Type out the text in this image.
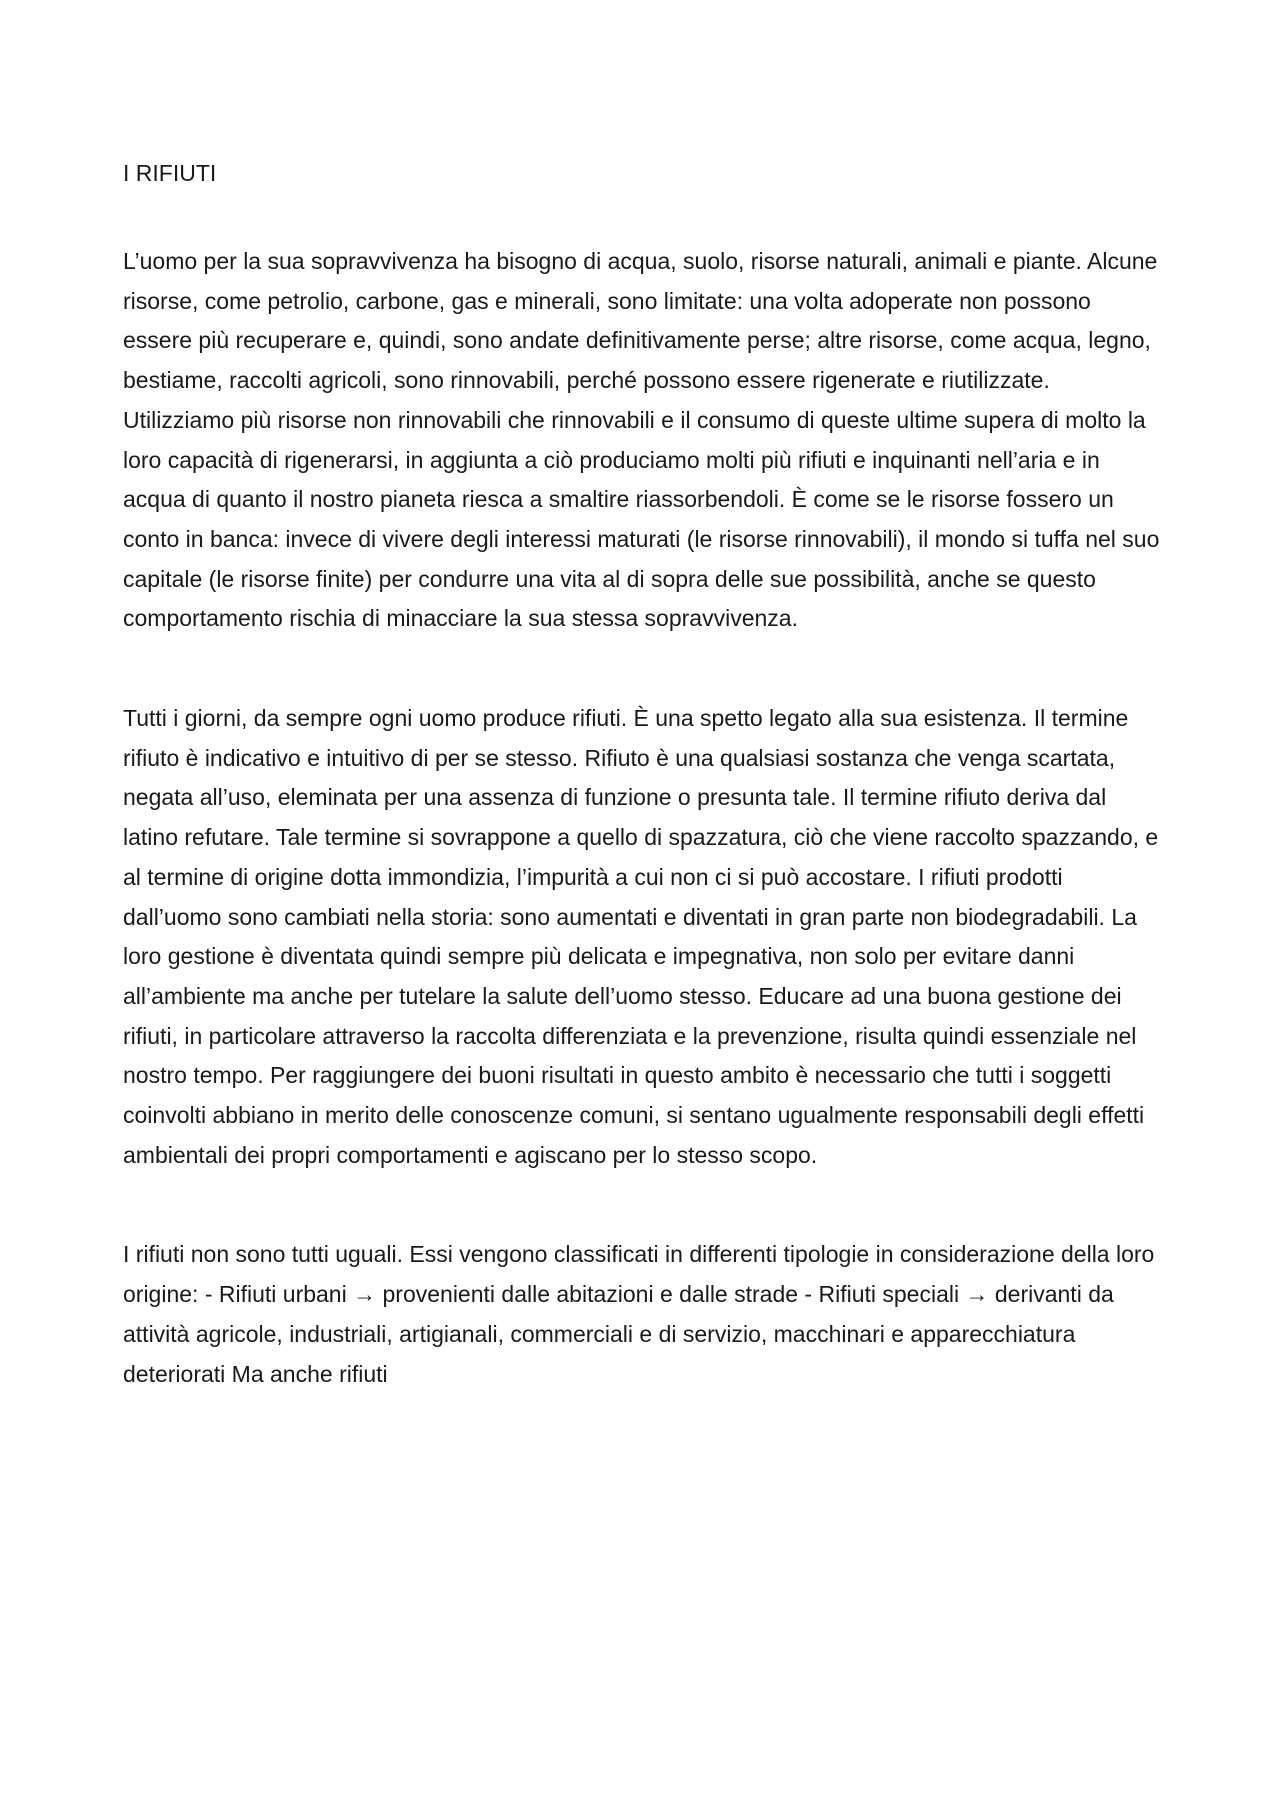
I RIFIUTI

L’uomo per la sua sopravvivenza ha bisogno di acqua, suolo, risorse naturali, animali e piante. Alcune risorse, come petrolio, carbone, gas e minerali, sono limitate: una volta adoperate non possono essere più recuperare e, quindi, sono andate definitivamente perse; altre risorse, come acqua, legno, bestiame, raccolti agricoli, sono rinnovabili, perché possono essere rigenerate e riutilizzate. Utilizziamo più risorse non rinnovabili che rinnovabili e il consumo di queste ultime supera di molto la loro capacità di rigenerarsi, in aggiunta a ciò produciamo molti più rifiuti e inquinanti nell’aria e in acqua di quanto il nostro pianeta riesca a smaltire riassorbendoli. È come se le risorse fossero un conto in banca: invece di vivere degli interessi maturati (le risorse rinnovabili), il mondo si tuffa nel suo capitale (le risorse finite) per condurre una vita al di sopra delle sue possibilità, anche se questo comportamento rischia di minacciare la sua stessa sopravvivenza.

Tutti i giorni, da sempre ogni uomo produce rifiuti. È una spetto legato alla sua esistenza. Il termine rifiuto è indicativo e intuitivo di per se stesso. Rifiuto è una qualsiasi sostanza che venga scartata, negata all’uso, eleminata per una assenza di funzione o presunta tale. Il termine rifiuto deriva dal latino refutare. Tale termine si sovrappone a quello di spazzatura, ciò che viene raccolto spazzando, e al termine di origine dotta immondizia, l’impurità a cui non ci si può accostare. I rifiuti prodotti dall’uomo sono cambiati nella storia: sono aumentati e diventati in gran parte non biodegradabili. La loro gestione è diventata quindi sempre più delicata e impegnativa, non solo per evitare danni all’ambiente ma anche per tutelare la salute dell’uomo stesso. Educare ad una buona gestione dei rifiuti, in particolare attraverso la raccolta differenziata e la prevenzione, risulta quindi essenziale nel nostro tempo. Per raggiungere dei buoni risultati in questo ambito è necessario che tutti i soggetti coinvolti abbiano in merito delle conoscenze comuni, si sentano ugualmente responsabili degli effetti ambientali dei propri comportamenti e agiscano per lo stesso scopo.

I rifiuti non sono tutti uguali. Essi vengono classificati in differenti tipologie in considerazione della loro origine: - Rifiuti urbani → provenienti dalle abitazioni e dalle strade - Rifiuti speciali → derivanti da attività agricole, industriali, artigianali, commerciali e di servizio, macchinari e apparecchiatura deteriorati Ma anche rifiuti
